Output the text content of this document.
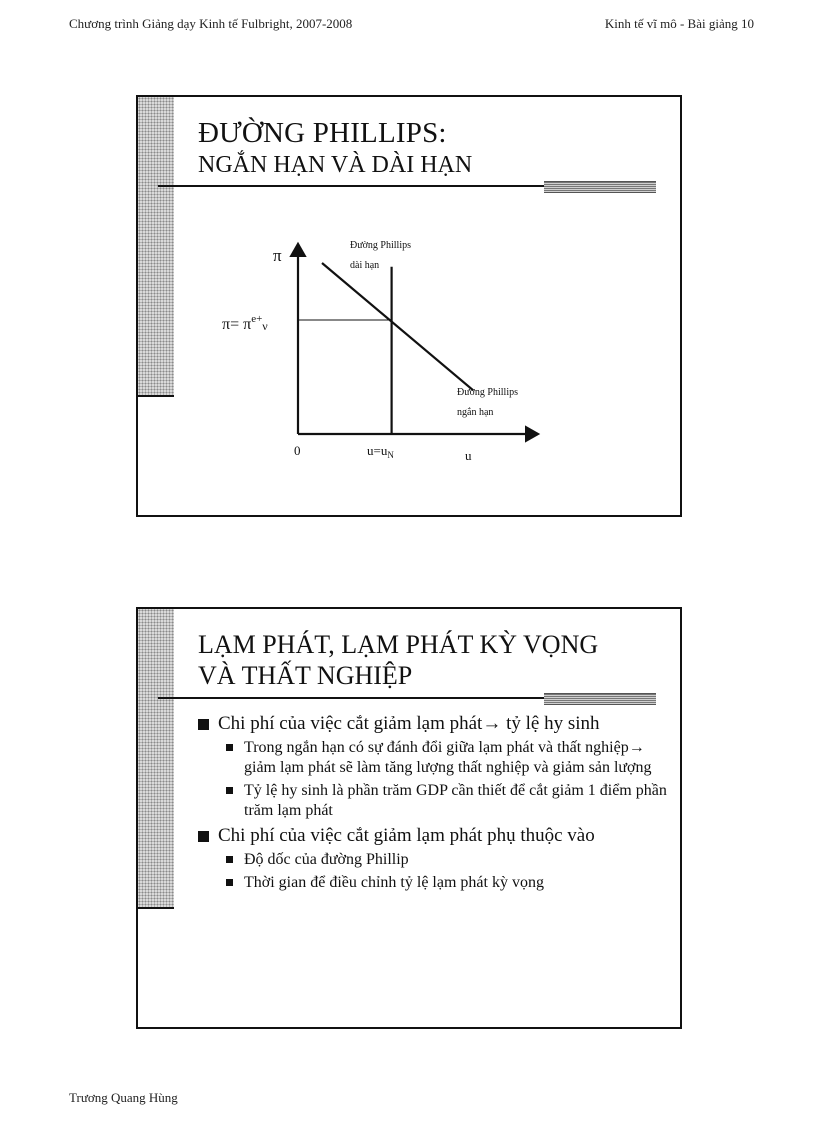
Chương trình Giảng dạy Kinh tế Fulbright, 2007-2008	Kinh tế vĩ mô - Bài giảng 10
ĐƯỜNG PHILLIPS:
NGẮN HẠN VÀ DÀI HẠN
π
u
0	$u=u_N$
$\pi= \pi^{e+}_\nu$
Đường Phillips
dài hạn
Đường Phillips
ngắn hạn
LẠM PHÁT, LẠM PHÁT KỲ VỌNG
VÀ THẤT NGHIỆP

Chi phí của việc cắt giảm lạm phát→ tỷ lệ hy sinh

Trong ngắn hạn có sự đánh đổi giữa lạm phát và thất nghiệp→ giảm lạm phát sẽ làm tăng lượng thất nghiệp và giảm sản lượng

Tỷ lệ hy sinh là phần trăm GDP cần thiết để cắt giảm 1 điểm phần trăm lạm phát

Chi phí của việc cắt giảm lạm phát phụ thuộc vào

Độ dốc của đường Phillip

Thời gian để điều chỉnh tỷ lệ lạm phát kỳ vọng

Trương Quang Hùng
